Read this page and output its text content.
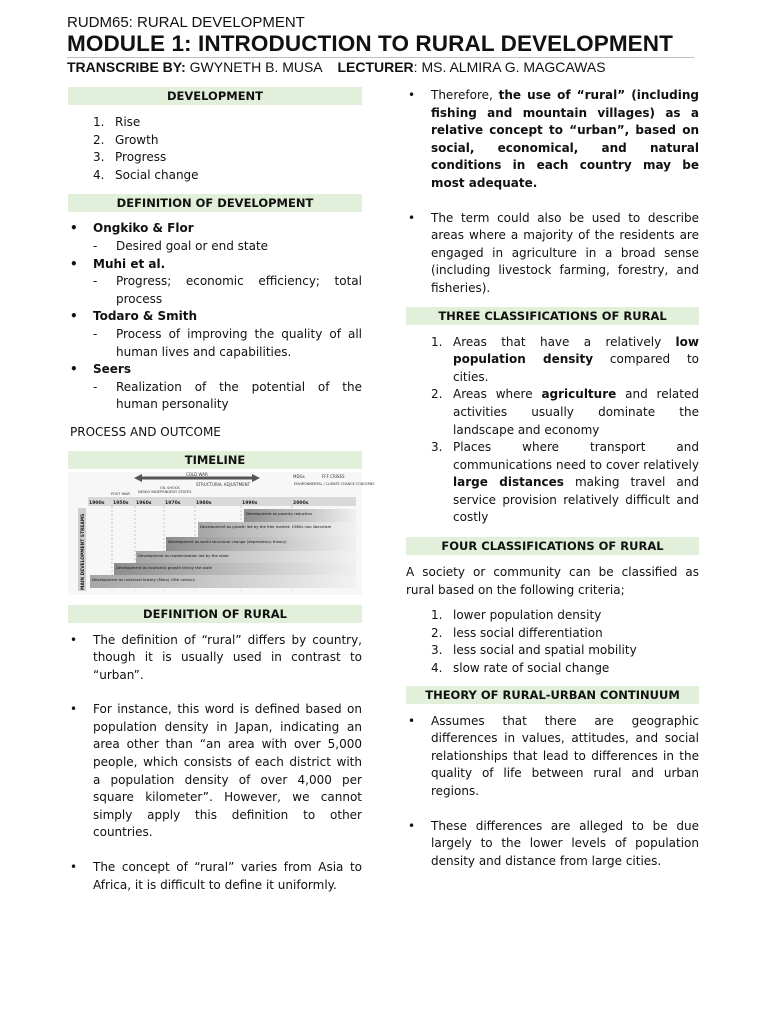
RUDM65: RURAL DEVELOPMENT
MODULE 1: INTRODUCTION TO RURAL DEVELOPMENT
TRANSCRIBE BY: GWYNETH B. MUSA LECTURER: MS. ALMIRA G. MAGCAWAS
DEVELOPMENT
1. Rise
2. Growth
3. Progress
4. Social change
DEFINITION OF DEVELOPMENT
• Ongkiko & Flor
- Desired goal or end state
• Muhi et al.
- Progress; economic efficiency; total process
• Todaro & Smith
- Process of improving the quality of all human lives and capabilities.
• Seers
- Realization of the potential of the human personality
PROCESS AND OUTCOME
TIMELINE
COLD WAR
STRUCTURAL ADJUSTMENT
POST WAR
OIL SHOCK
NEWLY INDEPENDENT STATES
MDGs	FFF CRISES
ENVIRONMENTAL / CLIMATE CHANGE CONCERNS
1900s 1950s 1960s	1970s	1980s	1990s	2000s
MAIN DEVELOPMENT STREAMS Development as universal history (Marx) 19th century
Development as economic growth led by the state
Development as modernisation led by the state
Development as world structural change (dependency theory)
Development as growth led by the free market: 1980s neo liberalism
Development as poverty reduction
DEFINITION OF RURAL
• The definition of “rural” differs by country, though it is usually used in contrast to “urban”.
• For instance, this word is defined based on population density in Japan, indicating an area other than “an area with over 5,000 people, which consists of each district with a population density of over 4,000 per square kilometer”. However, we cannot simply apply this definition to other countries.
• The concept of “rural” varies from Asia to Africa, it is difficult to define it uniformly.
• Therefore, the use of “rural” (including fishing and mountain villages) as a relative concept to “urban”, based on social, economical, and natural conditions in each country may be most adequate.
• The term could also be used to describe areas where a majority of the residents are engaged in agriculture in a broad sense (including livestock farming, forestry, and fisheries).
THREE CLASSIFICATIONS OF RURAL
1. Areas that have a relatively low population density compared to cities.
2. Areas where agriculture and related activities usually dominate the landscape and economy
3. Places where transport and communications need to cover relatively large distances making travel and service provision relatively difficult and costly
FOUR CLASSIFICATIONS OF RURAL
A society or community can be classified as rural based on the following criteria;
1. lower population density
2. less social differentiation
3. less social and spatial mobility
4. slow rate of social change
THEORY OF RURAL-URBAN CONTINUUM
• Assumes that there are geographic differences in values, attitudes, and social relationships that lead to differences in the quality of life between rural and urban regions.
• These differences are alleged to be due largely to the lower levels of population density and distance from large cities.
